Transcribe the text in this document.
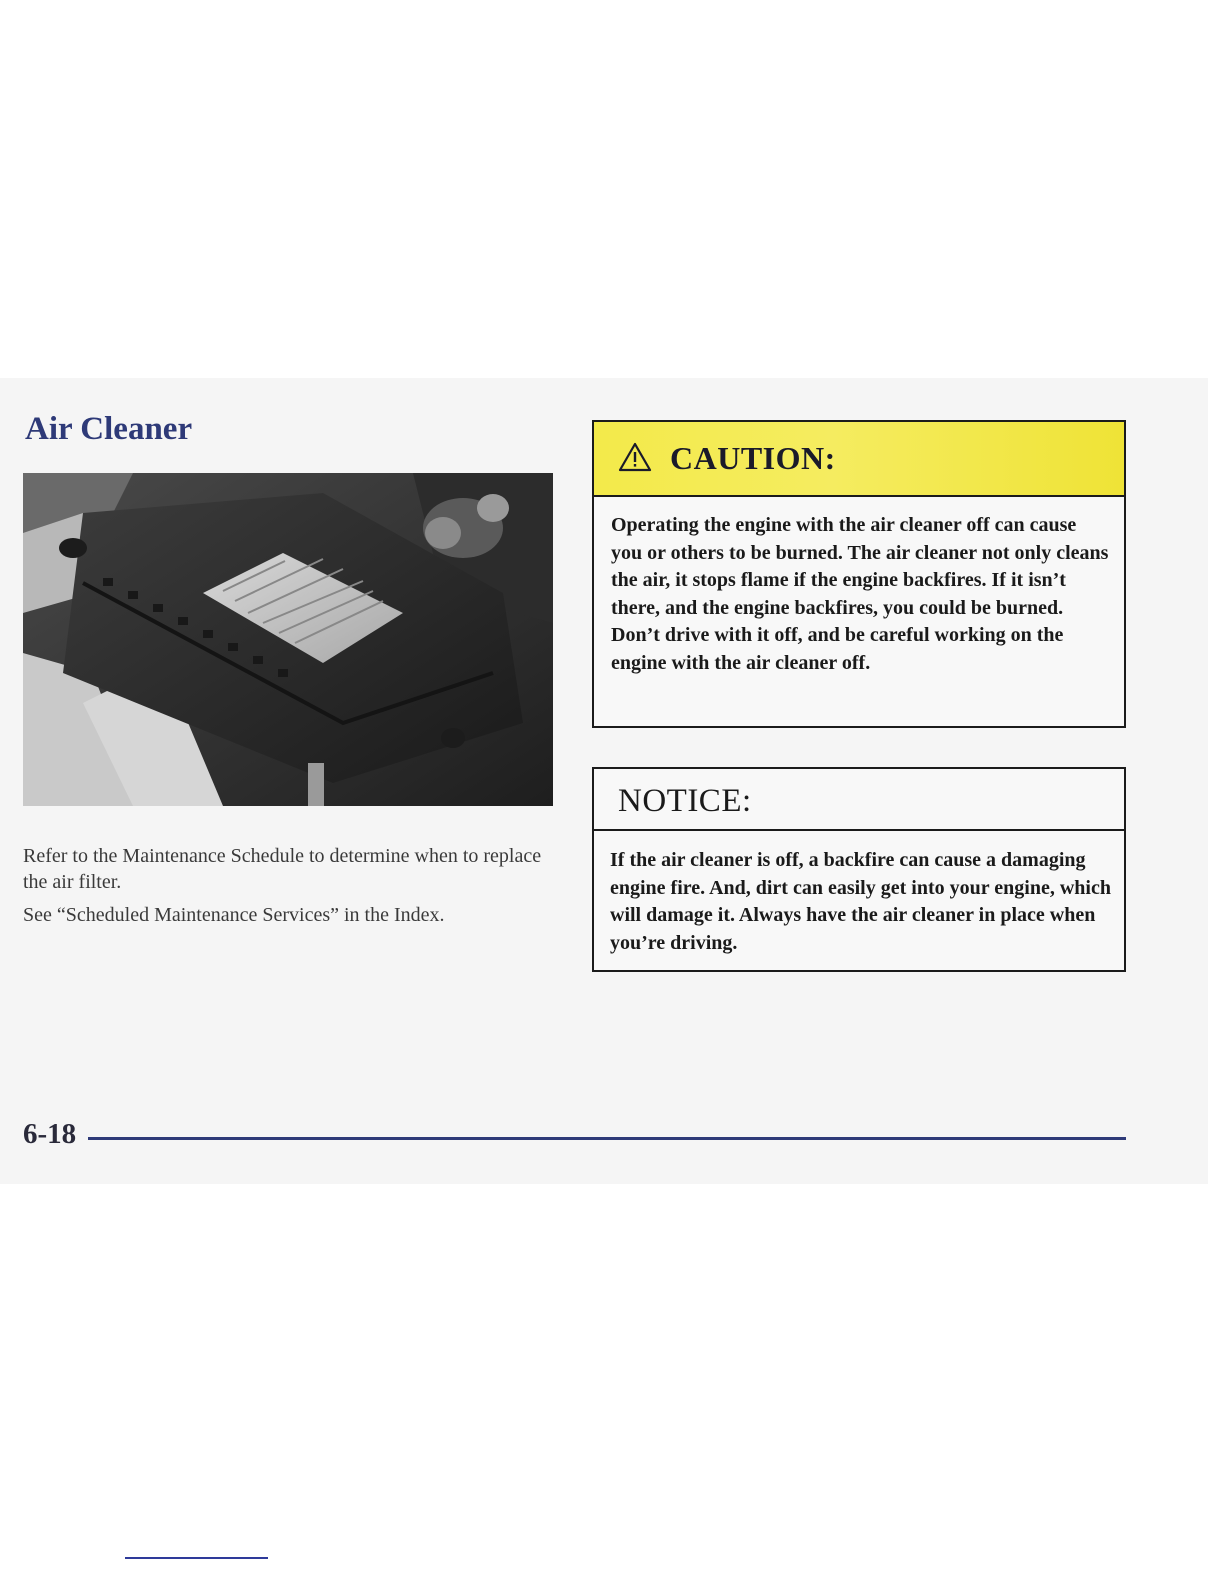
Air Cleaner

Refer to the Maintenance Schedule to determine when to replace the air filter.

See “Scheduled Maintenance Services” in the Index.

CAUTION:

Operating the engine with the air cleaner off can cause you or others to be burned. The air cleaner not only cleans the air, it stops flame if the engine backfires. If it isn’t there, and the engine backfires, you could be burned. Don’t drive with it off, and be careful working on the engine with the air cleaner off.

NOTICE:

If the air cleaner is off, a backfire can cause a damaging engine fire. And, dirt can easily get into your engine, which will damage it. Always have the air cleaner in place when you’re driving.

6-18
